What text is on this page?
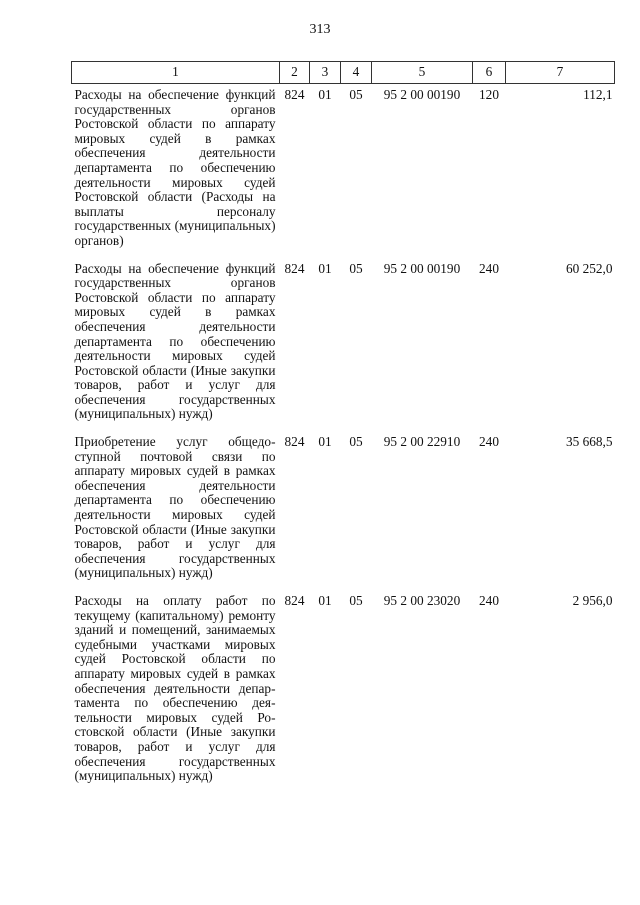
313
1	2	3	4	5	6	7
Расходы на обеспечение функций государственных органов Ростовской области по аппарату мировых судей в рамках обеспечения деятельности департамента по обеспечению деятельности мировых судей Ростовской области (Расходы на выплаты персоналу государственных (муниципальных) органов)	824	01	05	95 2 00 00190	120	112,1
Расходы на обеспечение функций государственных органов Ростовской области по аппарату мировых судей в рамках обеспечения деятельности департамента по обеспечению деятельности мировых судей Ростовской области (Иные закупки товаров, работ и услуг для обеспечения государственных (муниципальных) нужд)	824	01	05	95 2 00 00190	240	60 252,0
Приобретение услуг общедоступной почтовой связи по аппарату мировых судей в рамках обеспечения деятельности департамента по обеспечению деятельности мировых судей Ростовской области (Иные закупки товаров, работ и услуг для обеспечения государственных (муниципальных) нужд)	824	01	05	95 2 00 22910	240	35 668,5
Расходы на оплату работ по текущему (капитальному) ремонту зданий и помещений, занимаемых судебными участками мировых судей Ростовской области по аппарату мировых судей в рамках обеспечения деятельности департамента по обеспечению деятельности мировых судей Ростовской области (Иные закупки товаров, работ и услуг для обеспечения государственных (муниципальных) нужд)	824	01	05	95 2 00 23020	240	2 956,0
